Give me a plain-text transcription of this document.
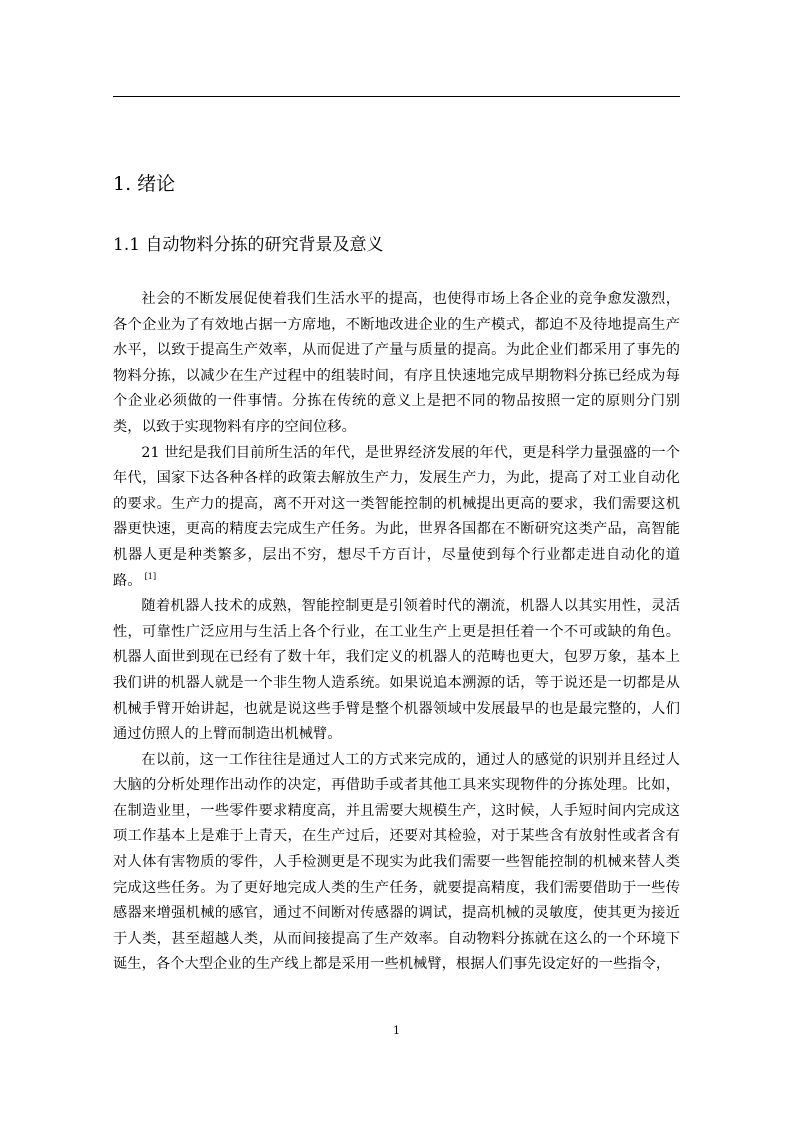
1. 绪论
1.1 自动物料分拣的研究背景及意义

社会的不断发展促使着我们生活水平的提高，也使得市场上各企业的竞争愈发激烈，各个企业为了有效地占据一方席地，不断地改进企业的生产模式，都迫不及待地提高生产水平，以致于提高生产效率，从而促进了产量与质量的提高。为此企业们都采用了事先的物料分拣，以减少在生产过程中的组装时间，有序且快速地完成早期物料分拣已经成为每个企业必须做的一件事情。分拣在传统的意义上是把不同的物品按照一定的原则分门别类，以致于实现物料有序的空间位移。

21 世纪是我们目前所生活的年代，是世界经济发展的年代，更是科学力量强盛的一个年代，国家下达各种各样的政策去解放生产力，发展生产力，为此，提高了对工业自动化的要求。生产力的提高，离不开对这一类智能控制的机械提出更高的要求，我们需要这机器更快速，更高的精度去完成生产任务。为此，世界各国都在不断研究这类产品，高智能机器人更是种类繁多，层出不穷，想尽千方百计，尽量使到每个行业都走进自动化的道路。 [1]

随着机器人技术的成熟，智能控制更是引领着时代的潮流，机器人以其实用性，灵活性，可靠性广泛应用与生活上各个行业，在工业生产上更是担任着一个不可或缺的角色。机器人面世到现在已经有了数十年，我们定义的机器人的范畴也更大，包罗万象，基本上我们讲的机器人就是一个非生物人造系统。如果说追本溯源的话，等于说还是一切都是从机械手臂开始讲起，也就是说这些手臂是整个机器领域中发展最早的也是最完整的，人们通过仿照人的上臂而制造出机械臂。

在以前，这一工作往往是通过人工的方式来完成的，通过人的感觉的识别并且经过人大脑的分析处理作出动作的决定，再借助手或者其他工具来实现物件的分拣处理。比如，在制造业里，一些零件要求精度高，并且需要大规模生产，这时候，人手短时间内完成这项工作基本上是难于上青天，在生产过后，还要对其检验，对于某些含有放射性或者含有对人体有害物质的零件，人手检测更是不现实为此我们需要一些智能控制的机械来替人类完成这些任务。为了更好地完成人类的生产任务，就要提高精度，我们需要借助于一些传感器来增强机械的感官，通过不间断对传感器的调试，提高机械的灵敏度，使其更为接近于人类，甚至超越人类，从而间接提高了生产效率。自动物料分拣就在这么的一个环境下诞生，各个大型企业的生产线上都是采用一些机械臂，根据人们事先设定好的一些指令，

1
